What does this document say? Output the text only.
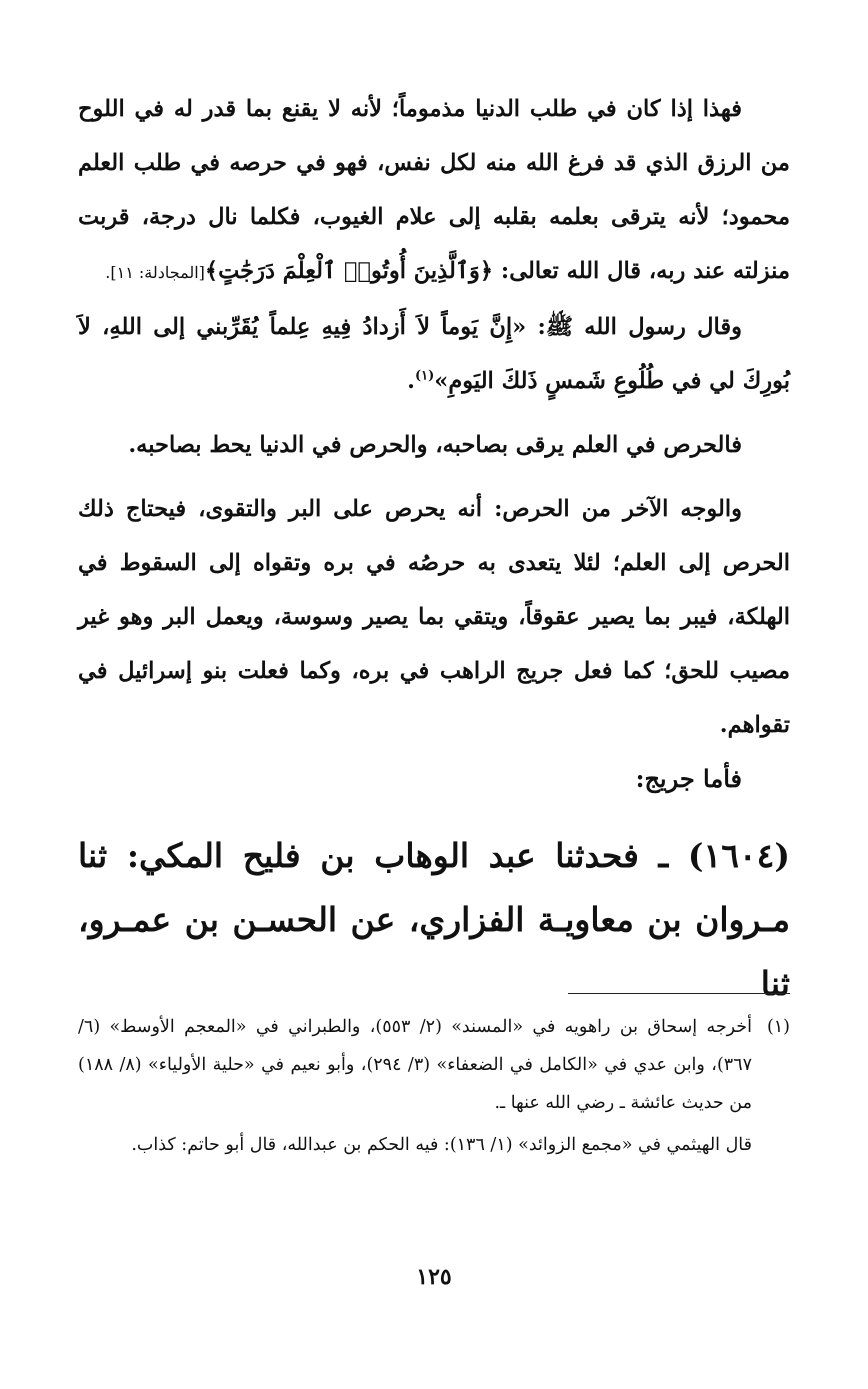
فهذا إذا كان في طلب الدنيا مذموماً؛ لأنه لا يقنع بما قدر له في اللوح من الرزق الذي قد فرغ الله منه لكل نفس، فهو في حرصه في طلب العلم محمود؛ لأنه يترقى بعلمه بقلبه إلى علام الغيوب، فكلما نال درجة، قربت منزلته عند ربه، قال الله تعالى: ﴿وَٱلَّذِينَ أُوتُوا۟ ٱلْعِلْمَ دَرَجَٰتٍ﴾[المجادلة: ١١].

وقال رسول الله ﷺ: «إِنَّ يَوماً لاَ أَزدادُ فِيهِ عِلماً يُقَرِّبني إلى اللهِ، لاَ بُورِكَ لي في طُلُوعِ شَمسٍ ذَلكَ اليَومِ»$^{(١)}$.

فالحرص في العلم يرقى بصاحبه، والحرص في الدنيا يحط بصاحبه.

والوجه الآخر من الحرص: أنه يحرص على البر والتقوى، فيحتاج ذلك الحرص إلى العلم؛ لئلا يتعدى به حرصُه في بره وتقواه إلى السقوط في الهلكة، فيبر بما يصير عقوقاً، ويتقي بما يصير وسوسة، ويعمل البر وهو غير مصيب للحق؛ كما فعل جريج الراهب في بره، وكما فعلت بنو إسرائيل في تقواهم.

فأما جريج:

(١٦٠٤) ـ فحدثنا عبد الوهاب بن فليح المكي: ثنا مـروان بن معاويـة الفزاري، عن الحسـن بن عمـرو، ثنا

(١)
أخرجه إسحاق بن راهويه في «المسند» (٢/ ٥٥٣)، والطبراني في «المعجم الأوسط» (٦/ ٣٦٧)، وابن عدي في «الكامل في الضعفاء» (٣/ ٢٩٤)، وأبو نعيم في «حلية الأولياء» (٨/ ١٨٨) من حديث عائشة ـ رضي الله عنها ـ.

قال الهيثمي في «مجمع الزوائد» (١/ ١٣٦): فيه الحكم بن عبدالله، قال أبو حاتم: كذاب.

١٢٥
